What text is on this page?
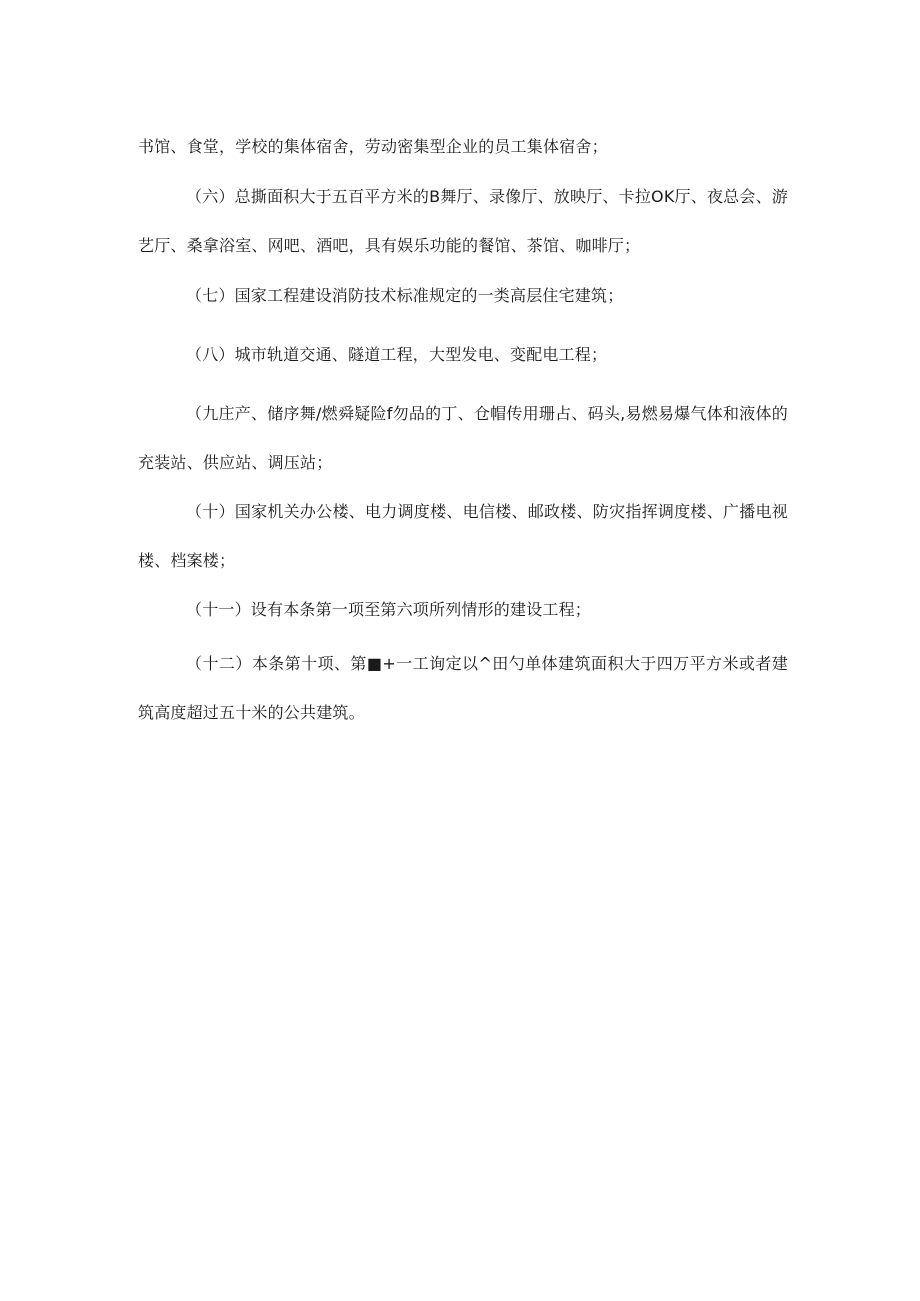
书馆、食堂，学校的集体宿舍，劳动密集型企业的员工集体宿舍；

（六）总撕面积大于五百平方米的B舞厅、录像厅、放映厅、卡拉OK厅、夜总会、游艺厅、桑拿浴室、网吧、酒吧，具有娱乐功能的餐馆、茶馆、咖啡厅；

（七）国家工程建设消防技术标准规定的一类高层住宅建筑；

（八）城市轨道交通、隧道工程，大型发电、变配电工程；

（九庄产、储序舞/燃舜疑险f勿品的丁、仓帽传用珊占、码头,易燃易爆气体和液体的充装站、供应站、调压站；

（十）国家机关办公楼、电力调度楼、电信楼、邮政楼、防灾指挥调度楼、广播电视楼、档案楼；

（十一）设有本条第一项至第六项所列情形的建设工程；

（十二）本条第十项、第■+一工询定以^田勺单体建筑面积大于四万平方米或者建筑高度超过五十米的公共建筑。
